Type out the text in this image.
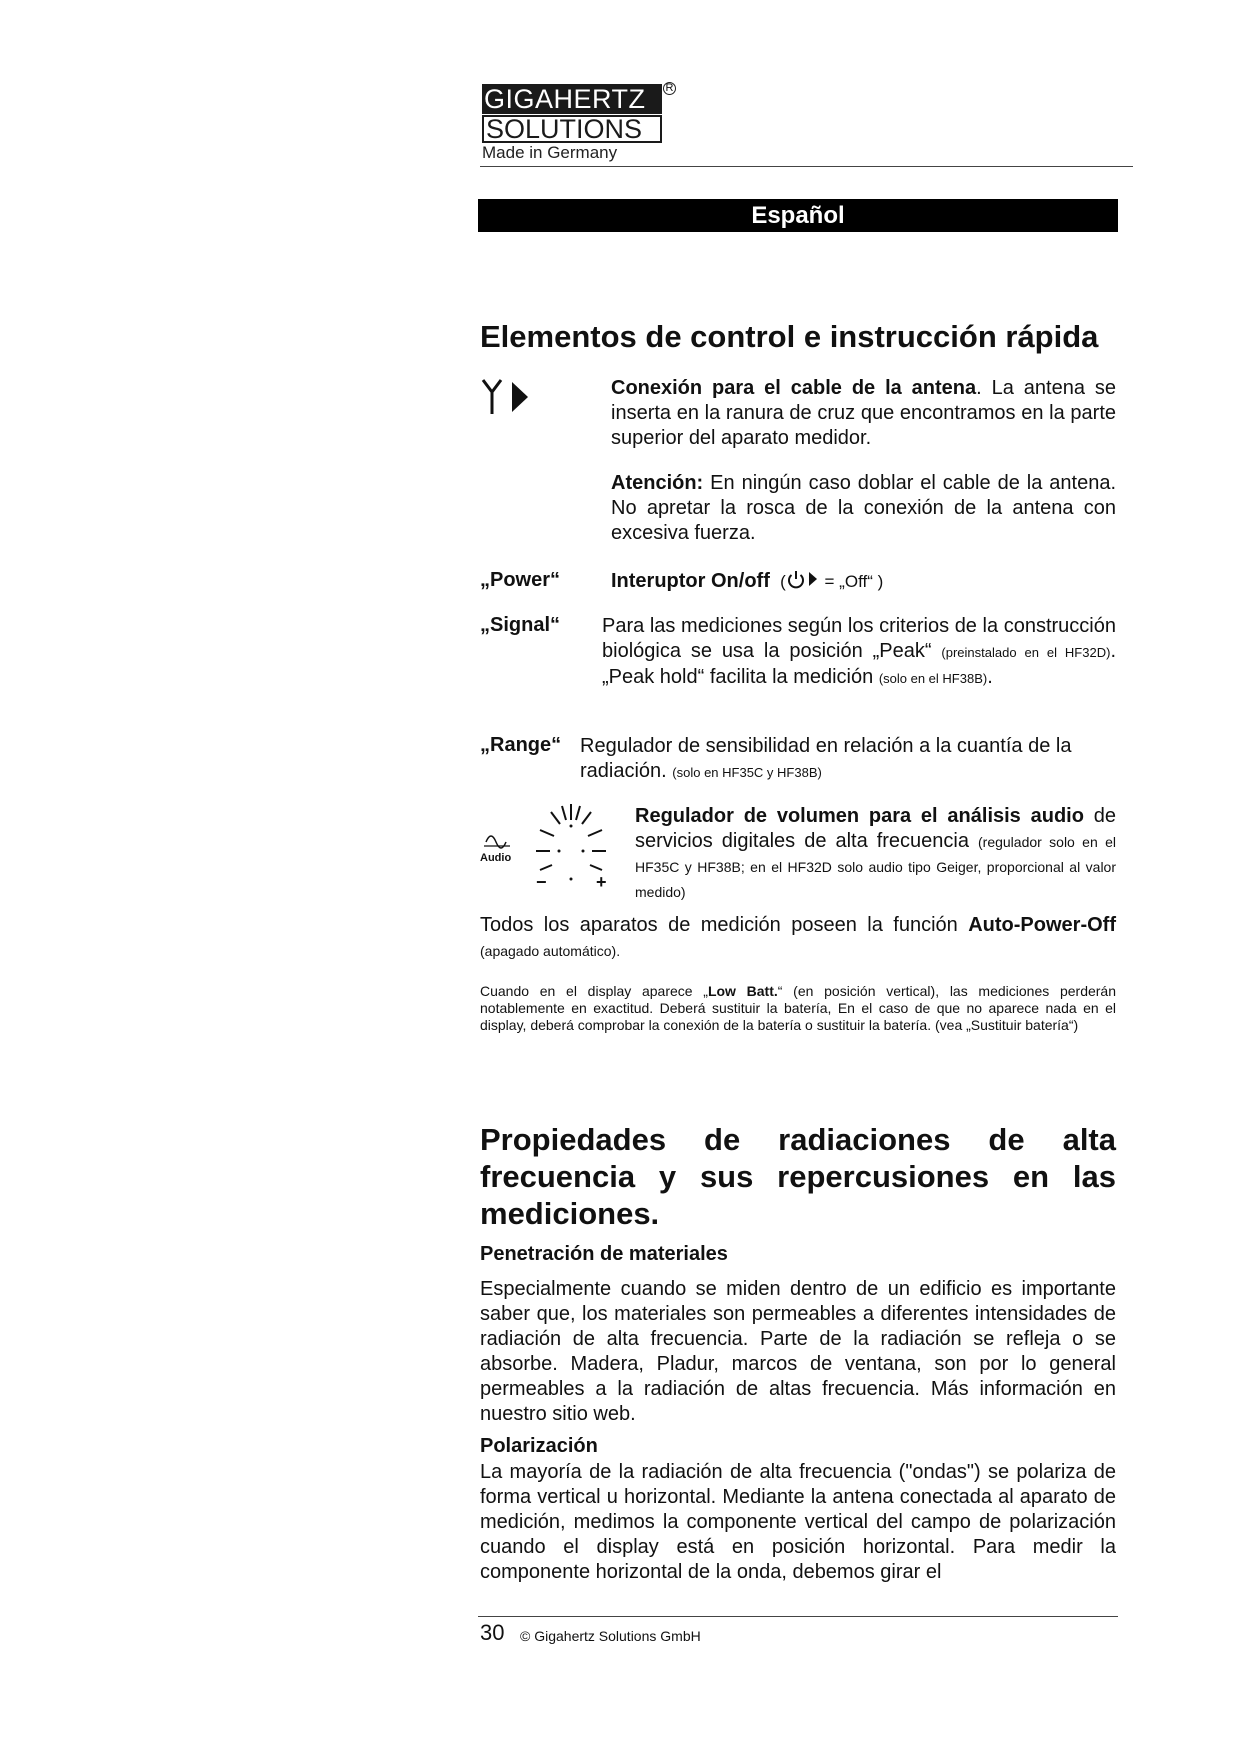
GIGAHERTZ R
SOLUTIONS
Made in Germany
Español
Elementos de control e instrucción rápida
Conexión para el cable de la antena. La antena se inserta en la ranura de cruz que encontramos en la parte superior del aparato medidor.
Atención: En ningún caso doblar el cable de la antena. No apretar la rosca de la conexión de la antena con excesiva fuerza.
„Power“	Interuptor On/off  ( = „Off“ )
„Signal“ Para las mediciones según los criterios de la construcción biológica se usa la posición „Peak“ (preinstalado en el HF32D). „Peak hold“ facilita la medición (solo en el HF38B).
„Range“ Regulador de sensibilidad en relación a la cuantía de la radiación. (solo en HF35C y HF38B)
Audio
−	+
Regulador de volumen para el análisis audio de servicios digitales de alta frecuencia (regulador solo en el HF35C y HF38B; en el HF32D solo audio tipo Geiger, proporcional al valor medido)
Todos los aparatos de medición poseen la función Auto-Power-Off (apagado automático).
Cuando en el display aparece „Low Batt.“ (en posición vertical), las mediciones perderán notablemente en exactitud. Deberá sustituir la batería, En el caso de que no aparece nada en el display, deberá comprobar la conexión de la batería o sustituir la batería. (vea „Sustituir batería“)
Propiedades de radiaciones de alta frecuencia y sus repercusiones en las mediciones.
Penetración de materiales
Especialmente cuando se miden dentro de un edificio es importante saber que, los materiales son permeables a diferentes intensidades de radiación de alta frecuencia. Parte de la radiación se refleja o se absorbe. Madera, Pladur, marcos de ventana, son por lo general permeables a la radiación de altas frecuencia. Más información en nuestro sitio web.
Polarización
La mayoría de la radiación de alta frecuencia ("ondas") se polariza de forma vertical u horizontal. Mediante la antena conectada al aparato de medición, medimos la componente vertical del campo de polarización cuando el display está en posición horizontal. Para medir la componente horizontal de la onda, debemos girar el
30 © Gigahertz Solutions GmbH
